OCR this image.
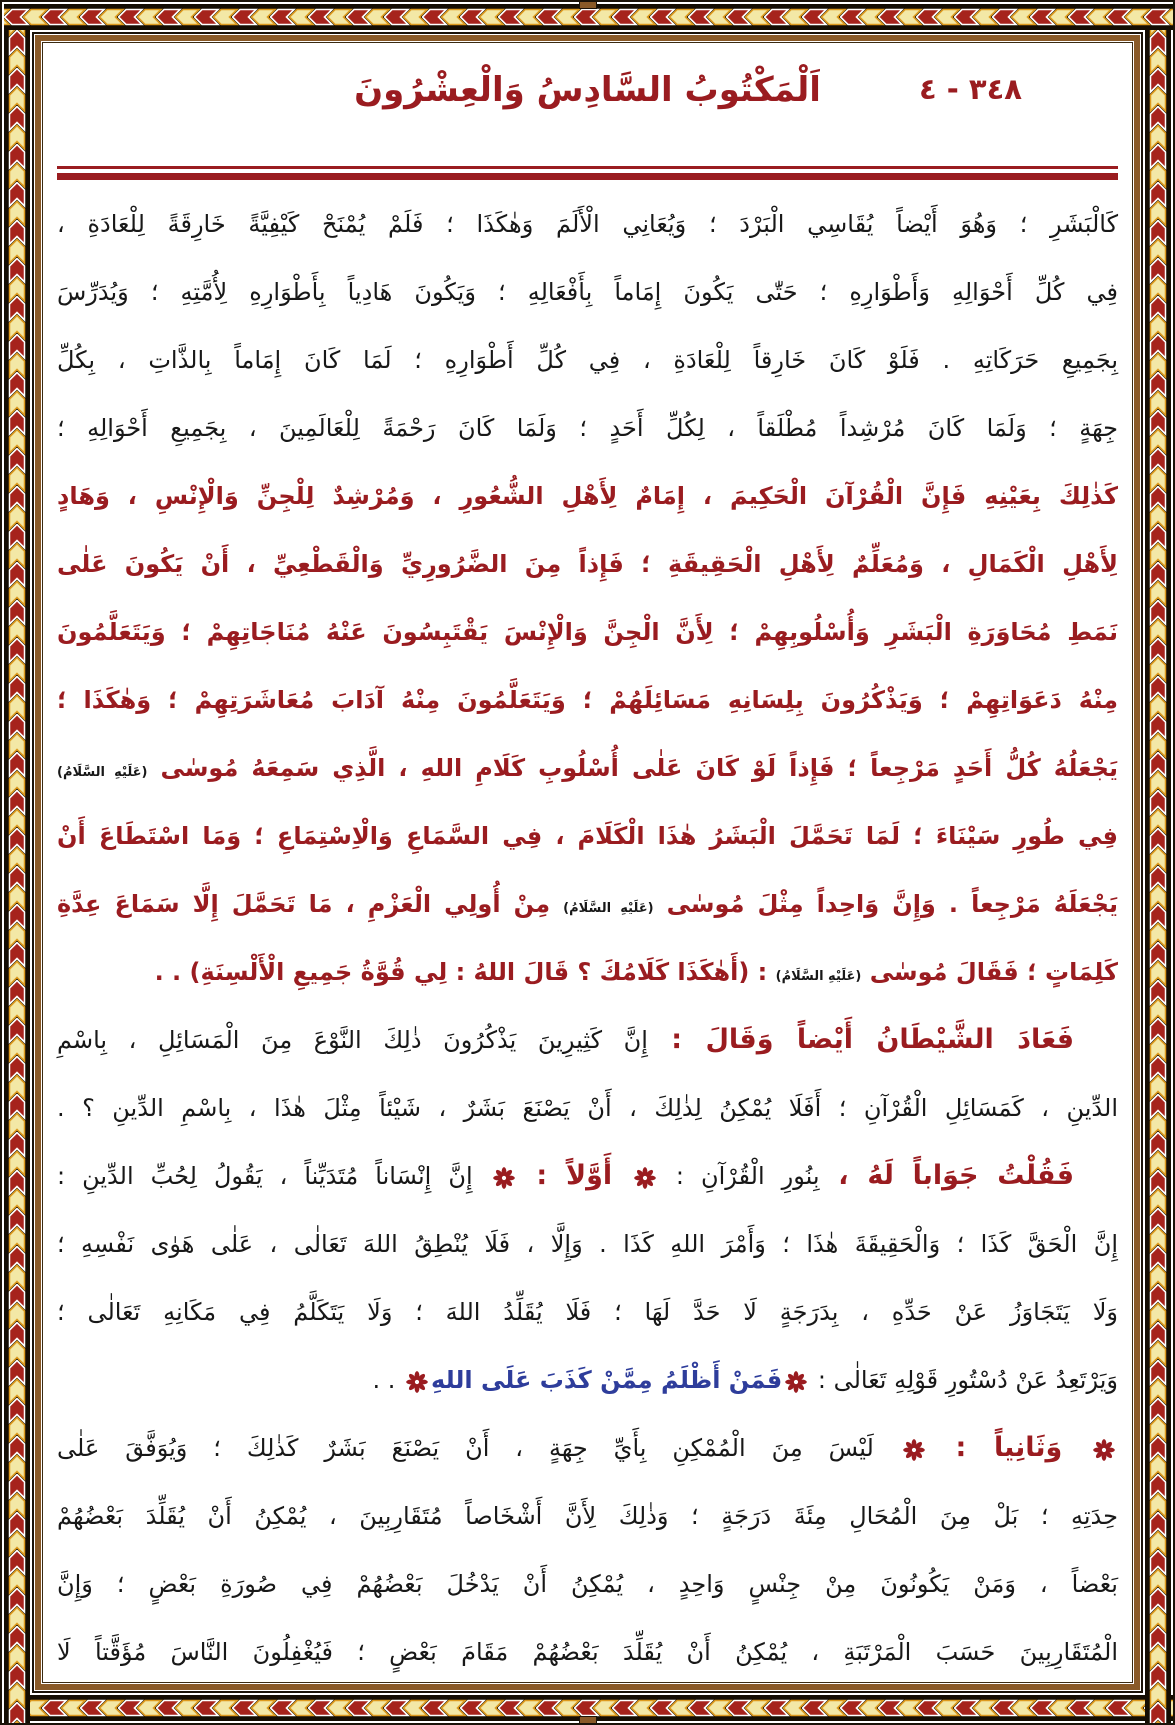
٣٤٨ - ٤
اَلْمَكْتُوبُ السَّادِسُ وَالْعِشْرُونَ
كَالْبَشَرِ ؛ وَهُوَ أَيْضاً يُقَاسِي الْبَرْدَ ؛ وَيُعَانِي الْأَلَمَ وَهٰكَذَا ؛ فَلَمْ يُمْنَحْ كَيْفِيَّةً خَارِقَةً لِلْعَادَةِ ،
فِي كُلِّ أَحْوَالِهِ وَأَطْوَارِهِ ؛ حَتّٰى يَكُونَ إِمَاماً بِأَفْعَالِهِ ؛ وَيَكُونَ هَادِياً بِأَطْوَارِهِ لِأُمَّتِهِ ؛ وَيُدَرِّسَ
بِجَمِيعِ حَرَكَاتِهِ . فَلَوْ كَانَ خَارِقاً لِلْعَادَةِ ، فِي كُلِّ أَطْوَارِهِ ؛ لَمَا كَانَ إِمَاماً بِالذَّاتِ ، بِكُلِّ
جِهَةٍ ؛ وَلَمَا كَانَ مُرْشِداً مُطْلَقاً ، لِكُلِّ أَحَدٍ ؛ وَلَمَا كَانَ رَحْمَةً لِلْعَالَمِينَ ، بِجَمِيعِ أَحْوَالِهِ ؛
كَذٰلِكَ بِعَيْنِهِ فَإِنَّ الْقُرْآنَ الْحَكِيمَ ، إِمَامٌ لِأَهْلِ الشُّعُورِ ، وَمُرْشِدٌ لِلْجِنِّ وَالْإِنْسِ ، وَهَادٍ
لِأَهْلِ الْكَمَالِ ، وَمُعَلِّمٌ لِأَهْلِ الْحَقِيقَةِ ؛ فَإِذاً مِنَ الضَّرُورِيِّ وَالْقَطْعِيِّ ، أَنْ يَكُونَ عَلٰى
نَمَطِ مُحَاوَرَةِ الْبَشَرِ وَأُسْلُوبِهِمْ ؛ لِأَنَّ الْجِنَّ وَالْإِنْسَ يَقْتَبِسُونَ عَنْهُ مُنَاجَاتِهِمْ ؛ وَيَتَعَلَّمُونَ
مِنْهُ دَعَوَاتِهِمْ ؛ وَيَذْكُرُونَ بِلِسَانِهِ مَسَائِلَهُمْ ؛ وَيَتَعَلَّمُونَ مِنْهُ آدَابَ مُعَاشَرَتِهِمْ ؛ وَهٰكَذَا ؛
يَجْعَلُهُ كُلُّ أَحَدٍ مَرْجِعاً ؛ فَإِذاً لَوْ كَانَ عَلٰى أُسْلُوبِ كَلَامِ اللهِ ، الَّذِي سَمِعَهُ مُوسٰى (عَلَيْهِ السَّلَامُ)
فِي طُورِ سَيْنَاءَ ؛ لَمَا تَحَمَّلَ الْبَشَرُ هٰذَا الْكَلَامَ ، فِي السَّمَاعِ وَالْاِسْتِمَاعِ ؛ وَمَا اسْتَطَاعَ أَنْ
يَجْعَلَهُ مَرْجِعاً . وَإِنَّ وَاحِداً مِثْلَ مُوسٰى (عَلَيْهِ السَّلَامُ) مِنْ أُولِي الْعَزْمِ ، مَا تَحَمَّلَ إِلَّا سَمَاعَ عِدَّةِ
كَلِمَاتٍ ؛ فَقَالَ مُوسٰى (عَلَيْهِ السَّلَامُ) : (أَهٰكَذَا كَلَامُكَ ؟ قَالَ اللهُ : لِي قُوَّةُ جَمِيعِ الْأَلْسِنَةِ) . .
فَعَادَ الشَّيْطَانُ أَيْضاً وَقَالَ : إِنَّ كَثِيرِينَ يَذْكُرُونَ ذٰلِكَ النَّوْعَ مِنَ الْمَسَائِلِ ، بِاسْمِ
الدِّينِ ، كَمَسَائِلِ الْقُرْآنِ ؛ أَفَلَا يُمْكِنُ لِذٰلِكَ ، أَنْ يَصْنَعَ بَشَرٌ ، شَيْئاً مِثْلَ هٰذَا ، بِاسْمِ الدِّينِ ؟ .
فَقُلْتُ جَوَاباً لَهُ ، بِنُورِ الْقُرْآنِ :  أَوَّلاً :  إِنَّ إِنْسَاناً مُتَدَيِّناً ، يَقُولُ لِحُبِّ الدِّينِ :
إِنَّ الْحَقَّ كَذَا ؛ وَالْحَقِيقَةَ هٰذَا ؛ وَأَمْرَ اللهِ كَذَا . وَإِلَّا ، فَلَا يُنْطِقُ اللهَ تَعَالٰى ، عَلٰى هَوٰى نَفْسِهِ ؛
وَلَا يَتَجَاوَزُ عَنْ حَدِّهِ ، بِدَرَجَةٍ لَا حَدَّ لَهَا ؛ فَلَا يُقَلِّدُ اللهَ ؛ وَلَا يَتَكَلَّمُ فِي مَكَانِهِ تَعَالٰى ؛
وَيَرْتَعِدُ عَنْ دُسْتُورِ قَوْلِهِ تَعَالٰى : فَمَنْ أَظْلَمُ مِمَّنْ كَذَبَ عَلَى اللهِ . .
وَثَانِياً :  لَيْسَ مِنَ الْمُمْكِنِ بِأَيِّ جِهَةٍ ، أَنْ يَصْنَعَ بَشَرٌ كَذٰلِكَ ؛ وَيُوَفَّقَ عَلٰى
حِدَتِهِ ؛ بَلْ مِنَ الْمُحَالِ مِئَةَ دَرَجَةٍ ؛ وَذٰلِكَ لِأَنَّ أَشْخَاصاً مُتَقَارِبِينَ ، يُمْكِنُ أَنْ يُقَلِّدَ بَعْضُهُمْ
بَعْضاً ، وَمَنْ يَكُونُونَ مِنْ جِنْسٍ وَاحِدٍ ، يُمْكِنُ أَنْ يَدْخُلَ بَعْضُهُمْ فِي صُورَةِ بَعْضٍ ؛ وَإِنَّ
الْمُتَقَارِبِينَ حَسَبَ الْمَرْتَبَةِ ، يُمْكِنُ أَنْ يُقَلِّدَ بَعْضُهُمْ مَقَامَ بَعْضٍ ؛ فَيُغْفِلُونَ النَّاسَ مُؤَقَّتاً لَا
